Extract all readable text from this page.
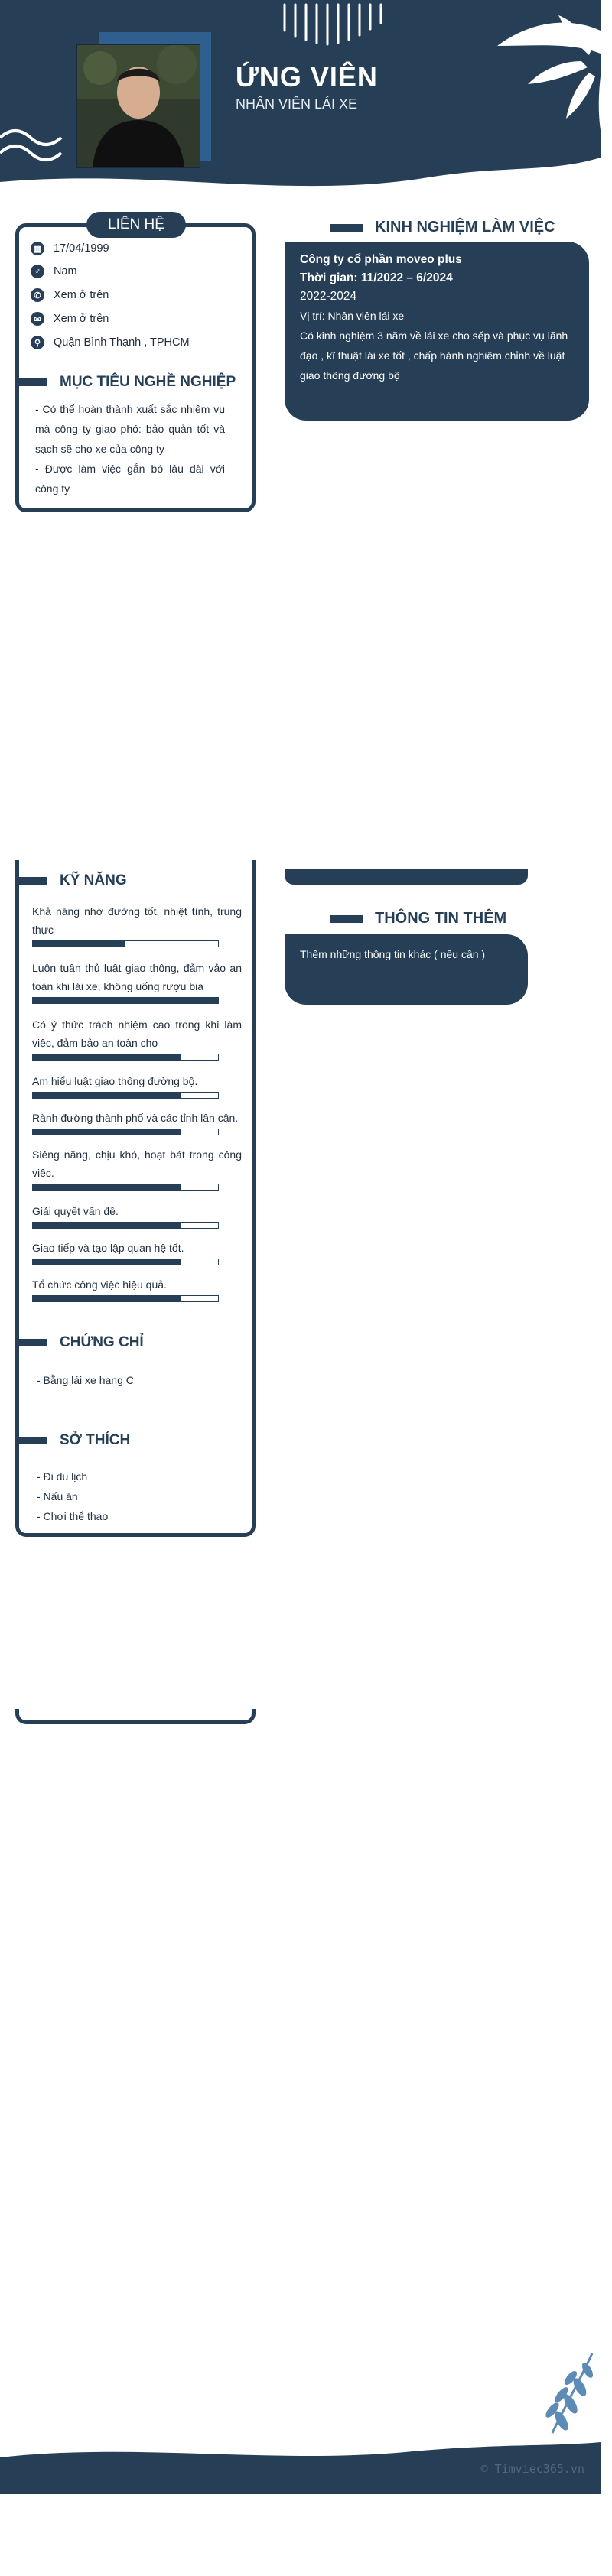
ỨNG VIÊN
NHÂN VIÊN LÁI XE
LIÊN HỆ
▦ 17/04/1999
♂	Nam
✆	Xem ở trên
✉	Xem ở trên
⚲	Quận Bình Thạnh , TPHCM
MỤC TIÊU NGHỀ NGHIỆP
- Có thể hoàn thành xuất sắc nhiệm vụ mà công ty giao phó: bảo quản tốt và sạch sẽ cho xe của công ty
- Được làm việc gắn bó lâu dài với công ty
KINH NGHIỆM LÀM VIỆC
Công ty cổ phần moveo plus
Thời gian: 11/2022 – 6/2024
2022-2024
Vị trí: Nhân viên lái xe
Có kinh nghiệm 3 năm về lái xe cho sếp và phục vụ lãnh đạo , kĩ thuật lái xe tốt , chấp hành nghiêm chỉnh về luật giao thông đường bộ
KỸ NĂNG
Khả năng nhớ đường tốt, nhiệt tình, trung thực
Luôn tuân thủ luật giao thông, đảm vảo an toàn khi lái xe, không uống rượu bia
Có ý thức trách nhiệm cao trong khi làm việc, đảm bảo an toàn cho
Am hiểu luật giao thông đường bộ.
Rành đường thành phố và các tỉnh lân cận.
Siêng năng, chịu khó, hoạt bát trong công việc.
Giải quyết vấn đề.
Giao tiếp và tạo lập quan hệ tốt.
Tổ chức công việc hiệu quả.
CHỨNG CHỈ
- Bằng lái xe hạng C
SỞ THÍCH
- Đi du lịch
- Nấu ăn
- Chơi thể thao
THÔNG TIN THÊM
Thêm những thông tin khác ( nếu cần )
© Timviec365.vn
